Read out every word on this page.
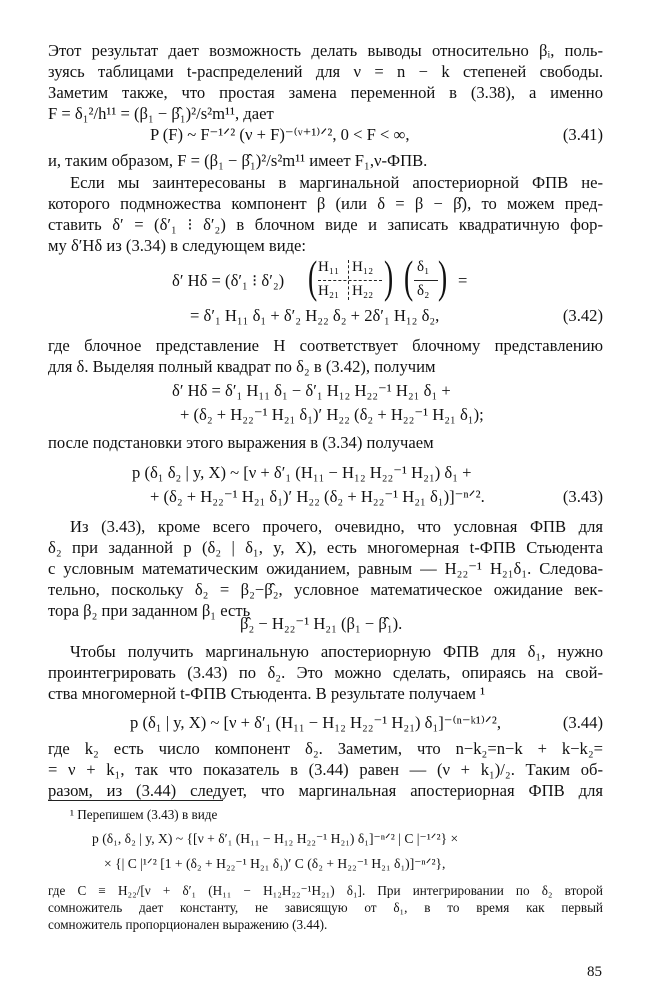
Этот результат дает возможность делать выводы относительно βᵢ, поль-
зуясь таблицами t-распределений для ν = n − k степеней свободы.
Заметим также, что простая замена переменной в (3.38), а именно
F = δ₁²/h¹¹ = (β₁ − β̂₁)²/s²m¹¹, дает
P (F) ~ F⁻¹ᐟ² (ν + F)⁻⁽ᵛ⁺¹⁾ᐟ², 0 < F < ∞,	(3.41)
и, таким образом, F = (β₁ − β̂₁)²/s²m¹¹ имеет F₁,ν-ФПВ.
Если мы заинтересованы в маргинальной апостериорной ФПВ не-
которого подмножества компонент β (или δ = β − β̂), то можем пред-
ставить δ′ = (δ′₁ ⁝ δ′₂) в блочном виде и записать квадратичную фор-
му δ′Hδ из (3.34) в следующем виде:
δ′ Hδ = (δ′₁ ⁝ δ′₂) ( H₁₁ H₁₂
H₂₁ H₂₂ ) ( δ₁
δ₂ ) =
= δ′₁ H₁₁ δ₁ + δ′₂ H₂₂ δ₂ + 2δ′₁ H₁₂ δ₂,	(3.42)
где блочное представление H соответствует блочному представлению
для δ. Выделяя полный квадрат по δ₂ в (3.42), получим
δ′ Hδ = δ′₁ H₁₁ δ₁ − δ′₁ H₁₂ H₂₂⁻¹ H₂₁ δ₁ +
+ (δ₂ + H₂₂⁻¹ H₂₁ δ₁)′ H₂₂ (δ₂ + H₂₂⁻¹ H₂₁ δ₁);
после подстановки этого выражения в (3.34) получаем
p (δ₁ δ₂ | y, X) ~ [ν + δ′₁ (H₁₁ − H₁₂ H₂₂⁻¹ H₂₁) δ₁ +
+ (δ₂ + H₂₂⁻¹ H₂₁ δ₁)′ H₂₂ (δ₂ + H₂₂⁻¹ H₂₁ δ₁)]⁻ⁿᐟ².	(3.43)
Из (3.43), кроме всего прочего, очевидно, что условная ФПВ для
δ₂ при заданной p (δ₂ | δ₁, y, X), есть многомерная t-ФПВ Стьюдента
с условным математическим ожиданием, равным — H₂₂⁻¹ H₂₁δ₁. Следова-
тельно, поскольку δ₂ = β₂−β̂₂, условное математическое ожидание век-
тора β₂ при заданном β₁ есть
β̂₂ − H₂₂⁻¹ H₂₁ (β₁ − β̂₁).
Чтобы получить маргинальную апостериорную ФПВ для δ₁, нужно
проинтегрировать (3.43) по δ₂. Это можно сделать, опираясь на свой-
ства многомерной t-ФПВ Стьюдента. В результате получаем ¹
p (δ₁ | y, X) ~ [ν + δ′₁ (H₁₁ − H₁₂ H₂₂⁻¹ H₂₁) δ₁]⁻⁽ⁿ⁻ᵏ¹⁾ᐟ²,	(3.44)
где k₂ есть число компонент δ₂. Заметим, что n−k₂=n−k + k−k₂=
= ν + k₁, так что показатель в (3.44) равен — (ν + k₁)/₂. Таким об-
разом, из (3.44) следует, что маргинальная апостериорная ФПВ для
¹ Перепишем (3.43) в виде
p (δ₁, δ₂ | y, X) ~ {[ν + δ′₁ (H₁₁ − H₁₂ H₂₂⁻¹ H₂₁) δ₁]⁻ⁿᐟ² | C |⁻¹ᐟ²} ×
× {| C |¹ᐟ² [1 + (δ₂ + H₂₂⁻¹ H₂₁ δ₁)′ C (δ₂ + H₂₂⁻¹ H₂₁ δ₁)]⁻ⁿᐟ²},
где C ≡ H₂₂/[ν + δ′₁ (H₁₁ − H₁₂H₂₂⁻¹H₂₁) δ₁]. При интегрировании по δ₂ второй
сомножитель дает константу, не зависящую от δ₁, в то время как первый
сомножитель пропорционален выражению (3.44).
85
